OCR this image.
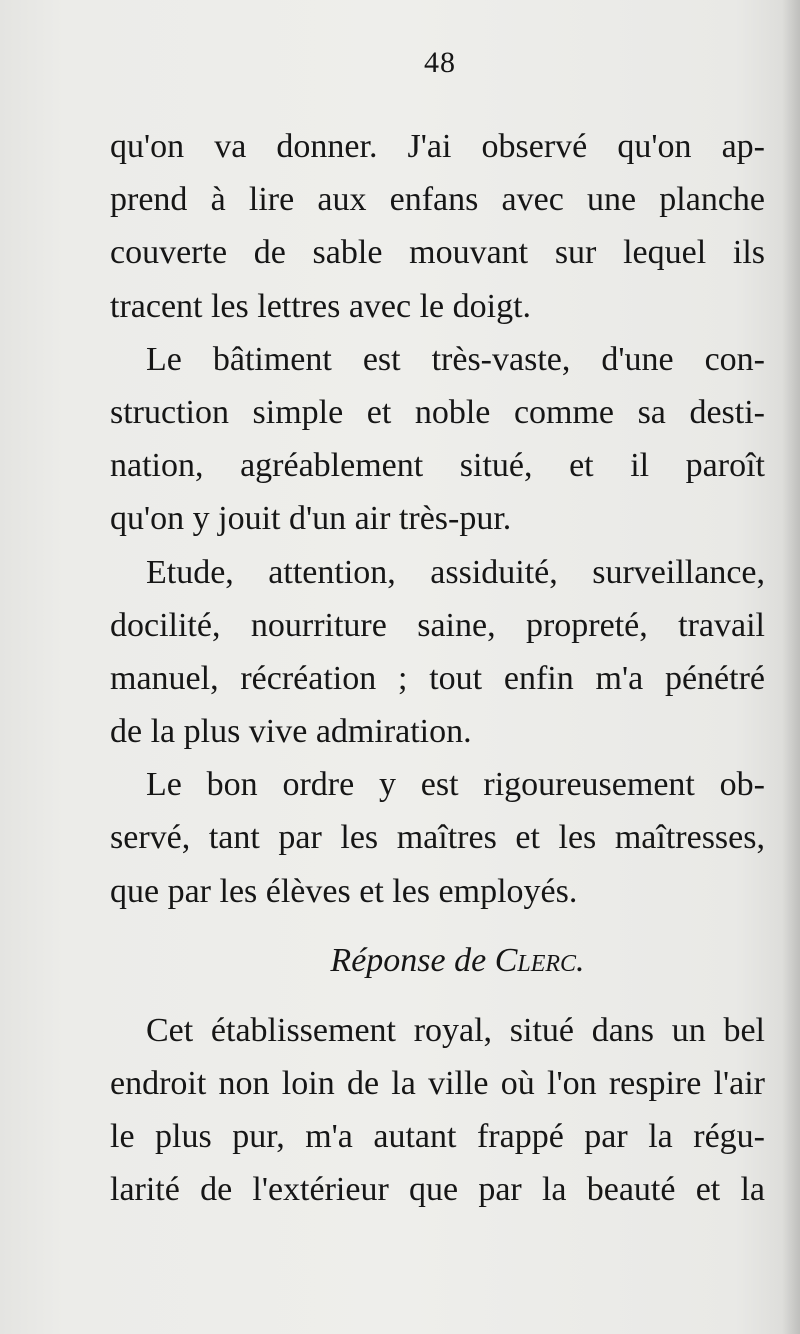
48
qu'on va donner. J'ai observé qu'on ap-
prend à lire aux enfans avec une planche
couverte de sable mouvant sur lequel ils
tracent les lettres avec le doigt.
Le bâtiment est très-vaste, d'une con-
struction simple et noble comme sa desti-
nation, agréablement situé, et il paroît
qu'on y jouit d'un air très-pur.
Etude, attention, assiduité, surveillance,
docilité, nourriture saine, propreté, travail
manuel, récréation ; tout enfin m'a pénétré
de la plus vive admiration.
Le bon ordre y est rigoureusement ob-
servé, tant par les maîtres et les maîtresses,
que par les élèves et les employés.
Réponse de Clerc.
Cet établissement royal, situé dans un bel
endroit non loin de la ville où l'on respire l'air
le plus pur, m'a autant frappé par la régu-
larité de l'extérieur que par la beauté et la
